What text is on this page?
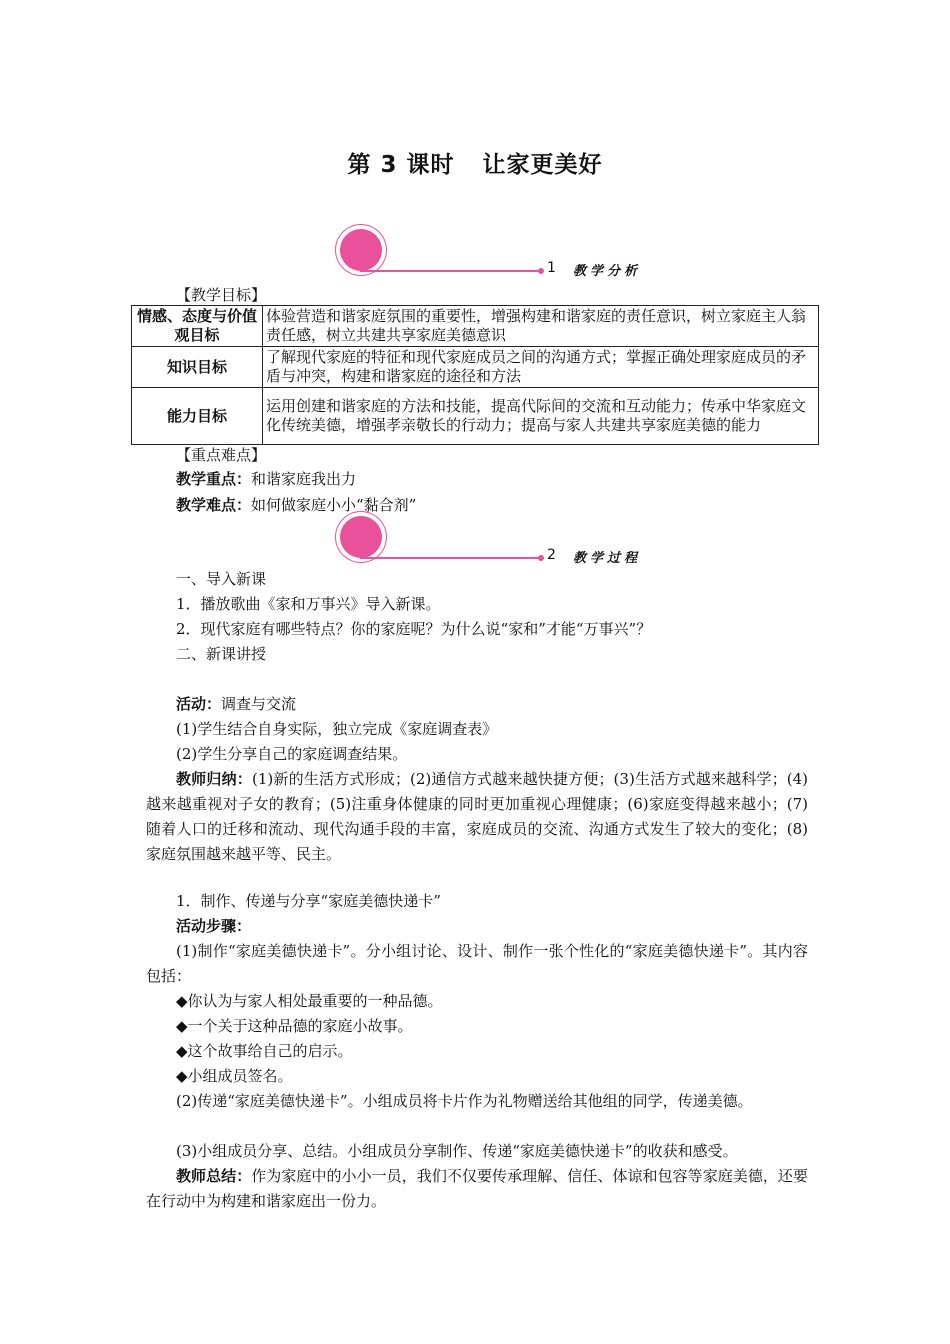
第 3 课时 让家更美好
1 教学分析
【教学目标】
情感、态度与价值观目标	体验营造和谐家庭氛围的重要性，增强构建和谐家庭的责任意识，树立家庭主人翁责任感，树立共建共享家庭美德意识
知识目标	了解现代家庭的特征和现代家庭成员之间的沟通方式；掌握正确处理家庭成员的矛盾与冲突，构建和谐家庭的途径和方法
能力目标	运用创建和谐家庭的方法和技能，提高代际间的交流和互动能力；传承中华家庭文化传统美德，增强孝亲敬长的行动力；提高与家人共建共享家庭美德的能力
【重点难点】
教学重点：和谐家庭我出力
教学难点：如何做家庭小小“黏合剂”
2 教学过程
一、导入新课
1．播放歌曲《家和万事兴》导入新课。
2．现代家庭有哪些特点？你的家庭呢？为什么说“家和”才能“万事兴”？
二、新课讲授
活动：调查与交流
(1)学生结合自身实际，独立完成《家庭调查表》
(2)学生分享自己的家庭调查结果。
教师归纳：(1)新的生活方式形成；(2)通信方式越来越快捷方便；(3)生活方式越来越科学；(4)越来越重视对子女的教育；(5)注重身体健康的同时更加重视心理健康；(6)家庭变得越来越小；(7)随着人口的迁移和流动、现代沟通手段的丰富，家庭成员的交流、沟通方式发生了较大的变化；(8)家庭氛围越来越平等、民主。
1．制作、传递与分享“家庭美德快递卡”
活动步骤：
(1)制作“家庭美德快递卡”。分小组讨论、设计、制作一张个性化的“家庭美德快递卡”。其内容包括：
◆你认为与家人相处最重要的一种品德。
◆一个关于这种品德的家庭小故事。
◆这个故事给自己的启示。
◆小组成员签名。
(2)传递“家庭美德快递卡”。小组成员将卡片作为礼物赠送给其他组的同学，传递美德。
(3)小组成员分享、总结。小组成员分享制作、传递“家庭美德快递卡”的收获和感受。
教师总结：作为家庭中的小小一员，我们不仅要传承理解、信任、体谅和包容等家庭美德，还要在行动中为构建和谐家庭出一份力。
